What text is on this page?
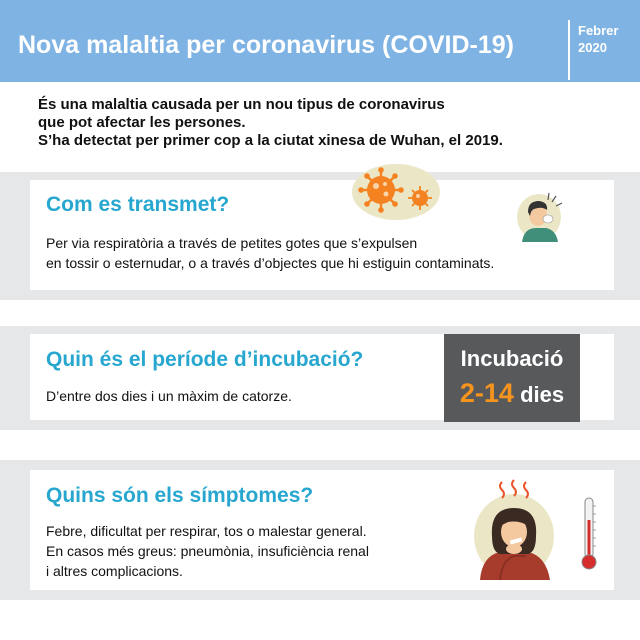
Nova malaltia per coronavirus (COVID-19)
Febrer
2020
És una malaltia causada per un nou tipus de coronavirus
que pot afectar les persones.
S’ha detectat per primer cop a la ciutat xinesa de Wuhan, el 2019.
Com es transmet?
Per via respiratòria a través de petites gotes que s’expulsen
en tossir o esternudar, o a través d’objectes que hi estiguin contaminats.
Quin és el període d’incubació?
D’entre dos dies i un màxim de catorze.
Incubació
2-14 dies
Quins són els símptomes?
Febre, dificultat per respirar, tos o malestar general.
En casos més greus: pneumònia, insuficiència renal
i altres complicacions.
